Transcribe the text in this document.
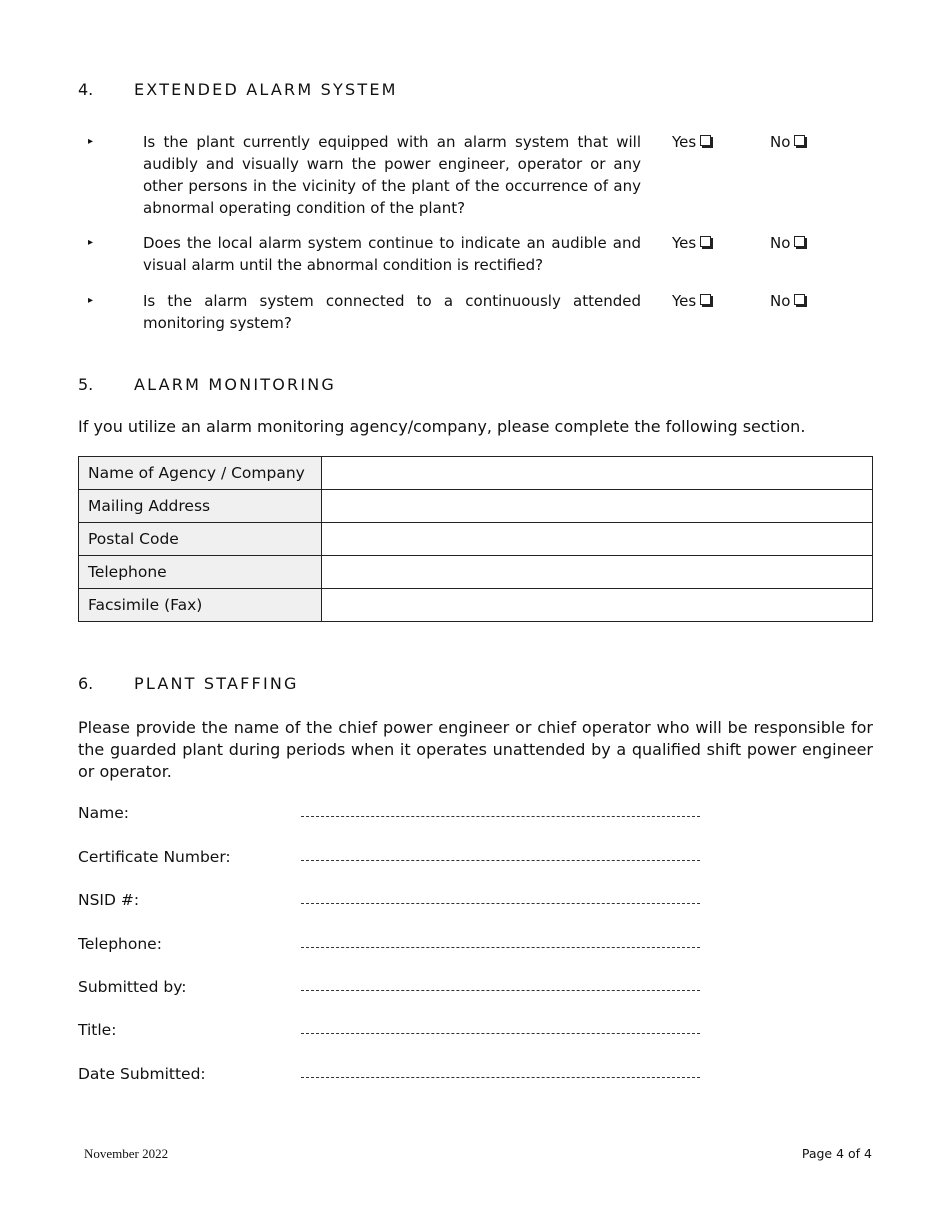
4.	EXTENDED ALARM SYSTEM
▸	Is the plant currently equipped with an alarm system that will audibly and visually warn the power engineer, operator or any other persons in the vicinity of the plant of the occurrence of any abnormal operating condition of the plant?
Yes	No
▸	Does the local alarm system continue to indicate an audible and visual alarm until the abnormal condition is rectified?
Yes	No
▸	Is the alarm system connected to a continuously attended monitoring system?
Yes	No
5.	ALARM MONITORING
If you utilize an alarm monitoring agency/company, please complete the following section.
Name of Agency / Company	
Mailing Address	
Postal Code	
Telephone	
Facsimile (Fax)	
6.	PLANT STAFFING
Please provide the name of the chief power engineer or chief operator who will be responsible for the guarded plant during periods when it operates unattended by a qualified shift power engineer or operator.
Name:
Certificate Number:
NSID #:
Telephone:
Submitted by:
Title:
Date Submitted:
November 2022	Page 4 of 4
